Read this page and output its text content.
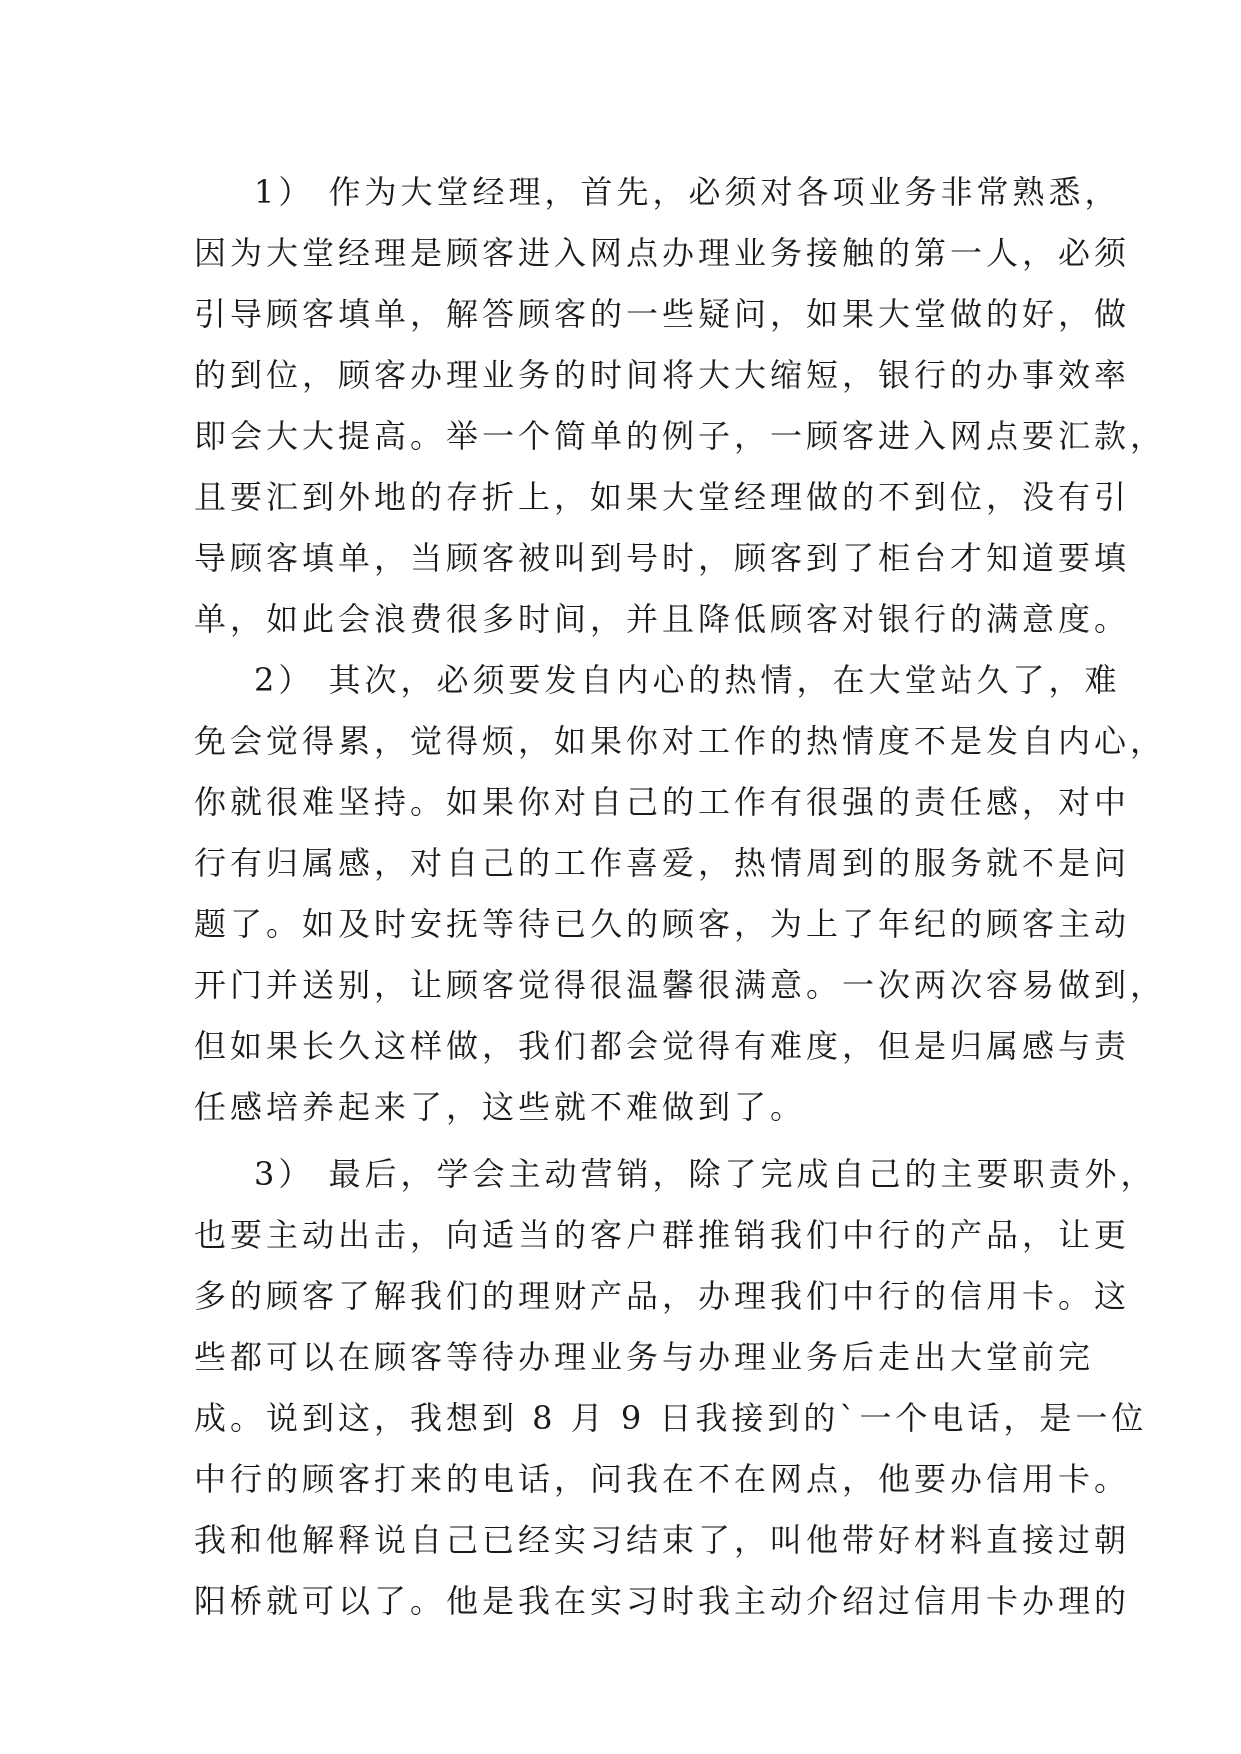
1） 作为大堂经理，首先，必须对各项业务非常熟悉，
因为大堂经理是顾客进入网点办理业务接触的第一人，必须
引导顾客填单，解答顾客的一些疑问，如果大堂做的好，做
的到位，顾客办理业务的时间将大大缩短，银行的办事效率
即会大大提高。举一个简单的例子，一顾客进入网点要汇款，
且要汇到外地的存折上，如果大堂经理做的不到位，没有引
导顾客填单，当顾客被叫到号时，顾客到了柜台才知道要填
单，如此会浪费很多时间，并且降低顾客对银行的满意度。
2） 其次，必须要发自内心的热情，在大堂站久了，难
免会觉得累，觉得烦，如果你对工作的热情度不是发自内心，
你就很难坚持。如果你对自己的工作有很强的责任感，对中
行有归属感，对自己的工作喜爱，热情周到的服务就不是问
题了。如及时安抚等待已久的顾客，为上了年纪的顾客主动
开门并送别，让顾客觉得很温馨很满意。一次两次容易做到，
但如果长久这样做，我们都会觉得有难度，但是归属感与责
任感培养起来了，这些就不难做到了。
3） 最后，学会主动营销，除了完成自己的主要职责外，
也要主动出击，向适当的客户群推销我们中行的产品，让更
多的顾客了解我们的理财产品，办理我们中行的信用卡。这
些都可以在顾客等待办理业务与办理业务后走出大堂前完
成。说到这，我想到 8 月 9 日我接到的`一个电话，是一位
中行的顾客打来的电话，问我在不在网点，他要办信用卡。
我和他解释说自己已经实习结束了，叫他带好材料直接过朝
阳桥就可以了。他是我在实习时我主动介绍过信用卡办理的
